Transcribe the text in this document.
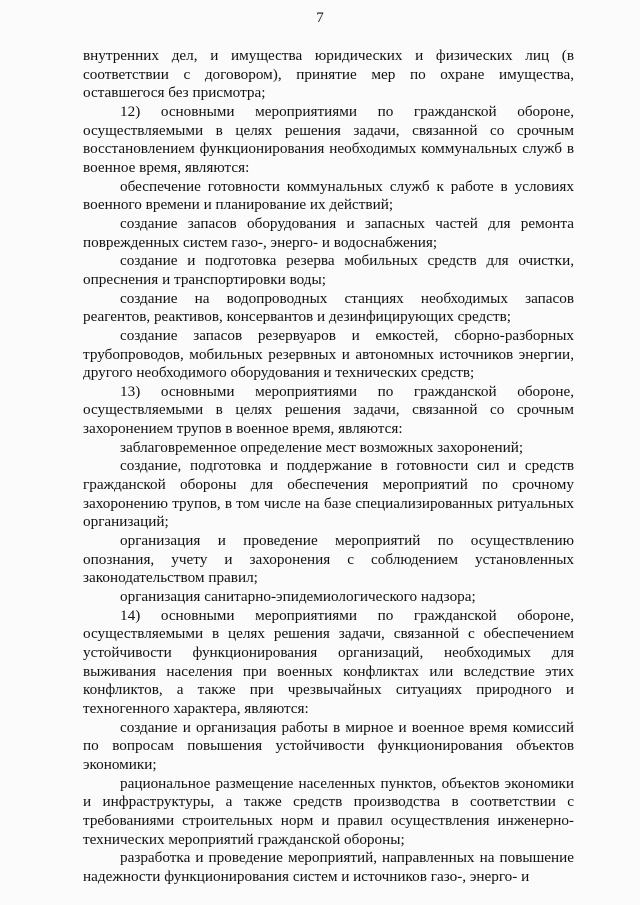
7

внутренних дел, и имущества юридических и физических лиц (в соответствии с договором), принятие мер по охране имущества, оставшегося без присмотра;

12) основными мероприятиями по гражданской обороне, осуществляемыми в целях решения задачи, связанной со срочным восстановлением функционирования необходимых коммунальных служб в военное время, являются:

обеспечение готовности коммунальных служб к работе в условиях военного времени и планирование их действий;

создание запасов оборудования и запасных частей для ремонта поврежденных систем газо-, энерго- и водоснабжения;

создание и подготовка резерва мобильных средств для очистки, опреснения и транспортировки воды;

создание на водопроводных станциях необходимых запасов реагентов, реактивов, консервантов и дезинфицирующих средств;

создание запасов резервуаров и емкостей, сборно-разборных трубопроводов, мобильных резервных и автономных источников энергии, другого необходимого оборудования и технических средств;

13) основными мероприятиями по гражданской обороне, осуществляемыми в целях решения задачи, связанной со срочным захоронением трупов в военное время, являются:

заблаговременное определение мест возможных захоронений;

создание, подготовка и поддержание в готовности сил и средств гражданской обороны для обеспечения мероприятий по срочному захоронению трупов, в том числе на базе специализированных ритуальных организаций;

организация и проведение мероприятий по осуществлению опознания, учету и захоронения с соблюдением установленных законодательством правил;

организация санитарно-эпидемиологического надзора;

14) основными мероприятиями по гражданской обороне, осуществляемыми в целях решения задачи, связанной с обеспечением устойчивости функционирования организаций, необходимых для выживания населения при военных конфликтах или вследствие этих конфликтов, а также при чрезвычайных ситуациях природного и техногенного характера, являются:

создание и организация работы в мирное и военное время комиссий по вопросам повышения устойчивости функционирования объектов экономики;

рациональное размещение населенных пунктов, объектов экономики и инфраструктуры, а также средств производства в соответствии с требованиями строительных норм и правил осуществления инженерно-технических мероприятий гражданской обороны;

разработка и проведение мероприятий, направленных на повышение надежности функционирования систем и источников газо-, энерго- и
